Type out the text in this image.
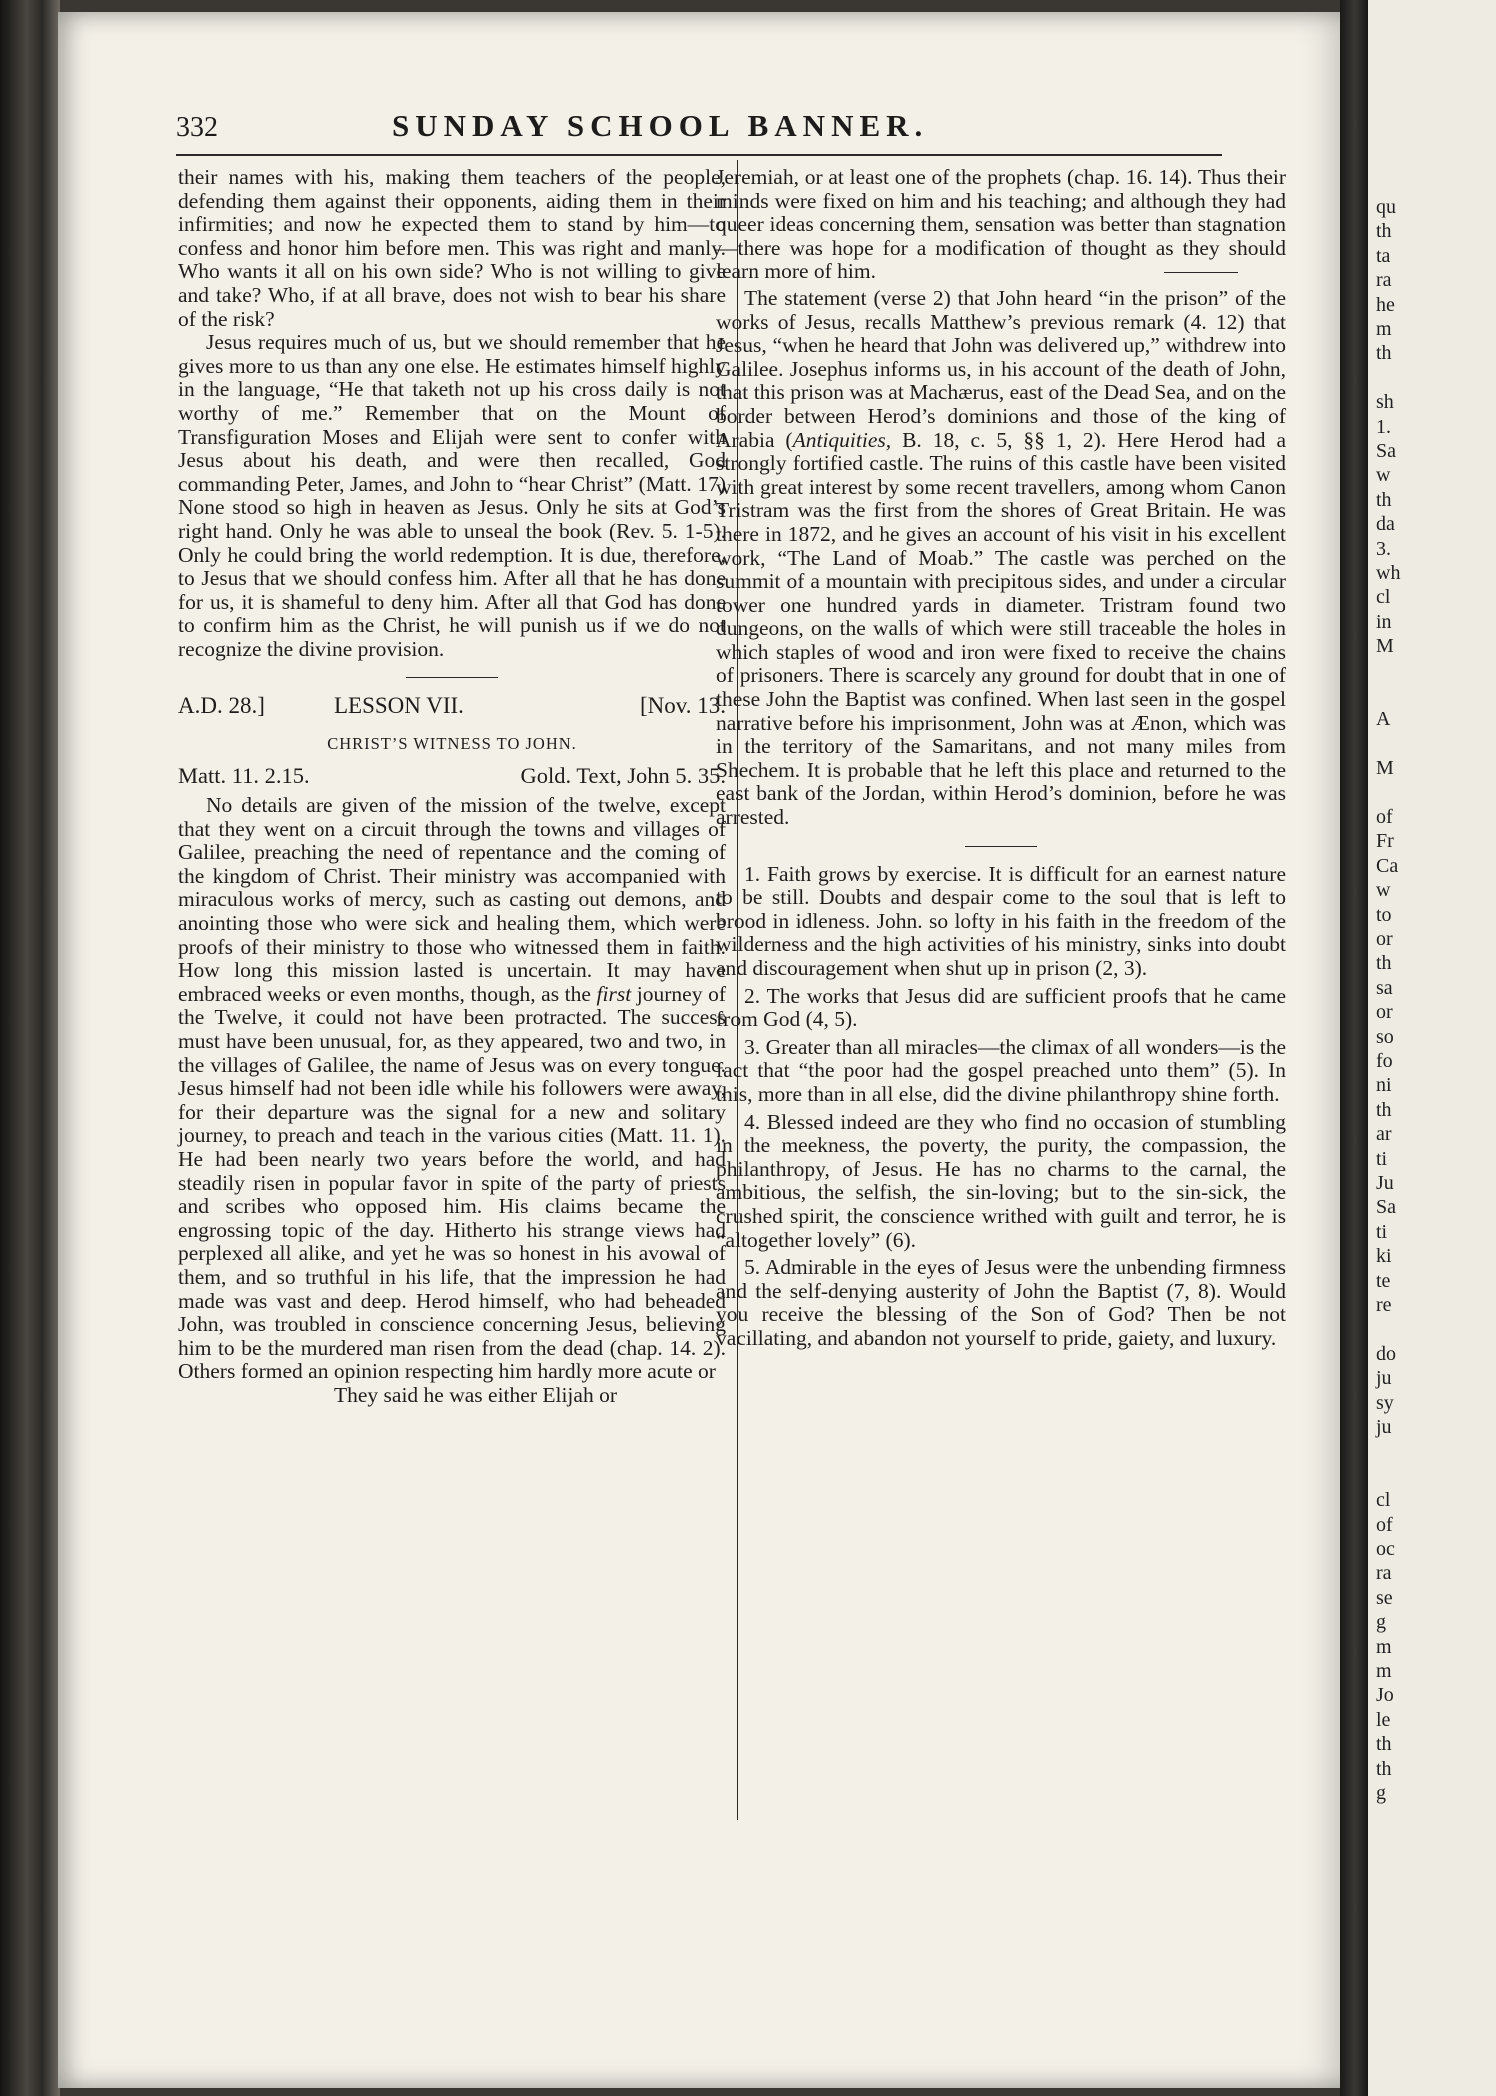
332	SUNDAY SCHOOL BANNER.

their names with his, making them teachers of the people, defending them against their opponents, aiding them in their infirmities; and now he expected them to stand by him—to confess and honor him before men. This was right and manly. Who wants it all on his own side? Who is not willing to give and take? Who, if at all brave, does not wish to bear his share of the risk?

Jesus requires much of us, but we should remember that he gives more to us than any one else. He estimates himself highly in the language, “He that taketh not up his cross daily is not worthy of me.” Remember that on the Mount of Transfiguration Moses and Elijah were sent to confer with Jesus about his death, and were then recalled, God commanding Peter, James, and John to “hear Christ” (Matt. 17) None stood so high in heaven as Jesus. Only he sits at God’s right hand. Only he was able to unseal the book (Rev. 5. 1-5). Only he could bring the world redemption. It is due, therefore, to Jesus that we should confess him. After all that he has done for us, it is shameful to deny him. After all that God has done to confirm him as the Christ, he will punish us if we do not recognize the divine provision.

A.D. 28.]	LESSON VII.	[Nov. 13.
CHRIST’S WITNESS TO JOHN.
Matt. 11. 2.15.	Gold. Text, John 5. 35.

No details are given of the mission of the twelve, except that they went on a circuit through the towns and villages of Galilee, preaching the need of repentance and the coming of the kingdom of Christ. Their ministry was accompanied with miraculous works of mercy, such as casting out demons, and anointing those who were sick and healing them, which were proofs of their ministry to those who witnessed them in faith. How long this mission lasted is uncertain. It may have embraced weeks or even months, though, as the first journey of the Twelve, it could not have been protracted. The success must have been unusual, for, as they appeared, two and two, in the villages of Galilee, the name of Jesus was on every tongue. Jesus himself had not been idle while his followers were away, for their departure was the signal for a new and solitary journey, to preach and teach in the various cities (Matt. 11. 1). He had been nearly two years before the world, and had steadily risen in popular favor in spite of the party of priests and scribes who opposed him. His claims became the engrossing topic of the day. Hitherto his strange views had perplexed all alike, and yet he was so honest in his avowal of them, and so truthful in his life, that the impression he had made was vast and deep. Herod himself, who had beheaded John, was troubled in conscience concerning Jesus, believing him to be the murdered man risen from the dead (chap. 14. 2). Others formed an opinion respecting him hardly more acute or

They said he was either Elijah or

Jeremiah, or at least one of the prophets (chap. 16. 14). Thus their minds were fixed on him and his teaching; and although they had queer ideas concerning them, sensation was better than stagnation—there was hope for a modification of thought as they should learn more of him.

The statement (verse 2) that John heard “in the prison” of the works of Jesus, recalls Matthew’s previous remark (4. 12) that Jesus, “when he heard that John was delivered up,” withdrew into Galilee. Josephus informs us, in his account of the death of John, that this prison was at Machærus, east of the Dead Sea, and on the border between Herod’s dominions and those of the king of Arabia (Antiquities, B. 18, c. 5, §§ 1, 2). Here Herod had a strongly fortified castle. The ruins of this castle have been visited with great interest by some recent travellers, among whom Canon Tristram was the first from the shores of Great Britain. He was there in 1872, and he gives an account of his visit in his excellent work, “The Land of Moab.” The castle was perched on the summit of a mountain with precipitous sides, and under a circular tower one hundred yards in diameter. Tristram found two dungeons, on the walls of which were still traceable the holes in which staples of wood and iron were fixed to receive the chains of prisoners. There is scarcely any ground for doubt that in one of these John the Baptist was confined. When last seen in the gospel narrative before his imprisonment, John was at Ænon, which was in the territory of the Samaritans, and not many miles from Shechem. It is probable that he left this place and returned to the east bank of the Jordan, within Herod’s dominion, before he was arrested.

1. Faith grows by exercise. It is difficult for an earnest nature to be still. Doubts and despair come to the soul that is left to brood in idleness. John. so lofty in his faith in the freedom of the wilderness and the high activities of his ministry, sinks into doubt and discouragement when shut up in prison (2, 3).

2. The works that Jesus did are sufficient proofs that he came from God (4, 5).

3. Greater than all miracles—the climax of all wonders—is the fact that “the poor had the gospel preached unto them” (5). In this, more than in all else, did the divine philanthropy shine forth.

4. Blessed indeed are they who find no occasion of stumbling in the meekness, the poverty, the purity, the compassion, the philanthropy, of Jesus. He has no charms to the carnal, the ambitious, the selfish, the sin-loving; but to the sin-sick, the crushed spirit, the conscience writhed with guilt and terror, he is “altogether lovely” (6).

5. Admirable in the eyes of Jesus were the unbending firmness and the self-denying austerity of John the Baptist (7, 8). Would you receive the blessing of the Son of God? Then be not vacillating, and abandon not yourself to pride, gaiety, and luxury.

qu
th
ta
ra
he
m
th
sh
1.
Sa
w
th
da
3.
wh
cl
in
M
A
M
of
Fr
Ca
w
to
or
th
sa
or
so
fo
ni
th
ar
ti
Ju
Sa
ti
ki
te
re
do
ju
sy
ju
cl
of
oc
ra
se
g
m
m
Jo
le
th
th
g
